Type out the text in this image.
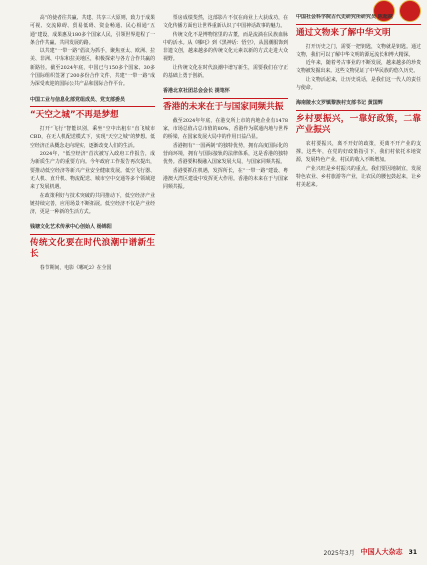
高”的使者往共赢、共建、共享三大原则，致力于成果可视、交流障碍、贸易低碍、资金畅通、民心相通“五通”建设，成果惠及180多个国家人民，引领世界进程了一条合作共赢、共同发展的路。

以共建“一带一路”倡议为抓手，聚焦亚太、欧洲、拉美、非洲、中东和拉美地区，积极探索与各方合作共赢的新路径。截至2024年底，中国已与150多个国家、30多个国际组织签署了200多份合作文件，共建“一带一路”成为深受欢迎的国际公共产品和国际合作平台。

中国工业与信息化部党组成员、党支部委员
“天空之城”不再是梦想

打开“飞行”智能识别，乘坐“空中出租车”直飞城市CBD，在无人机配送模式下，实现“天空之城”的梦想。低空经济正从概念走向现实，逐渐改变人们的生活。

2024年，“低空经济”首次被写入政府工作报告，成为新质生产力的重要方向。今年政府工作报告再次提出，要推动低空经济等新兴产业安全健康发展。低空飞行器、无人机、直升机、物流配送、城市空中交通等多个领域迎来了发展机遇。

在政策利好与技术突破的共同推动下，低空经济产业链持续完善，应用场景不断拓展。低空经济不仅是产业经济，更是一种新的生活方式。

钱塘文化艺术传承中心创始人 杨锦阳
传统文化要在时代浪潮中谱新生长

春节期间，电影《哪吒2》在全国

票房成绩斐然，这部影片不仅在商业上大获成功，在文化传播方面也让世界重新认识了中国神话故事的魅力。

传统文化不是博物馆里的古董，而是流淌在民族血脉中的活水。从《哪吒》到《黑神话：悟空》，从国潮服饰到非遗文创，越来越多的传统文化元素以新的方式走进大众视野。

让传统文化在时代浪潮中谱写新生，需要我们在守正的基础上勇于创新。

香港北京社团总会会长 提笔怀
香港的未来在于与国家同频共振

截至2024年年底，在港交所上市的内地企业有1478家，市场总值占总市值的80%，香港作为联通内地与世界的桥梁，在国家发展大局中的作用日益凸显。

香港拥有“一国两制”的独特优势，拥有高度国际化的营商环境，拥有与国际接轨的法律体系，这是香港的独特优势。香港要积极融入国家发展大局，与国家同频共振。

香港要抓住机遇，发挥所长，在“一带一路”建设、粤港澳大湾区建设中发挥更大作用。香港的未来在于与国家同频共振。

中国社会科学院古代史研究所研究员 陈超越
通过文物来了解中华文明

打开历史之门，需要一把钥匙，文物就是钥匙。通过文物，我们可以了解中华文明的源远流长和博大精深。

近年来，随着考古事业的不断发展，越来越多的珍贵文物被发掘出来。这些文物见证了中华民族的悠久历史。

让文物活起来，让历史说话，是我们这一代人的责任与使命。

海南陵水文罗镇黎族村支部书记 黄国辉
乡村要振兴，一靠好政策，二靠产业振兴

农村要振兴，离不开好的政策，更离不开产业的支撑。这些年，在党的好政策指引下，我们村依托本地资源，发展特色产业，村民的收入不断增加。

产业兴旺是乡村振兴的重点。我们要因地制宜，发展特色农业、乡村旅游等产业，让农民的腰包鼓起来，让乡村美起来。

2025年3月 中国人大杂志 31
